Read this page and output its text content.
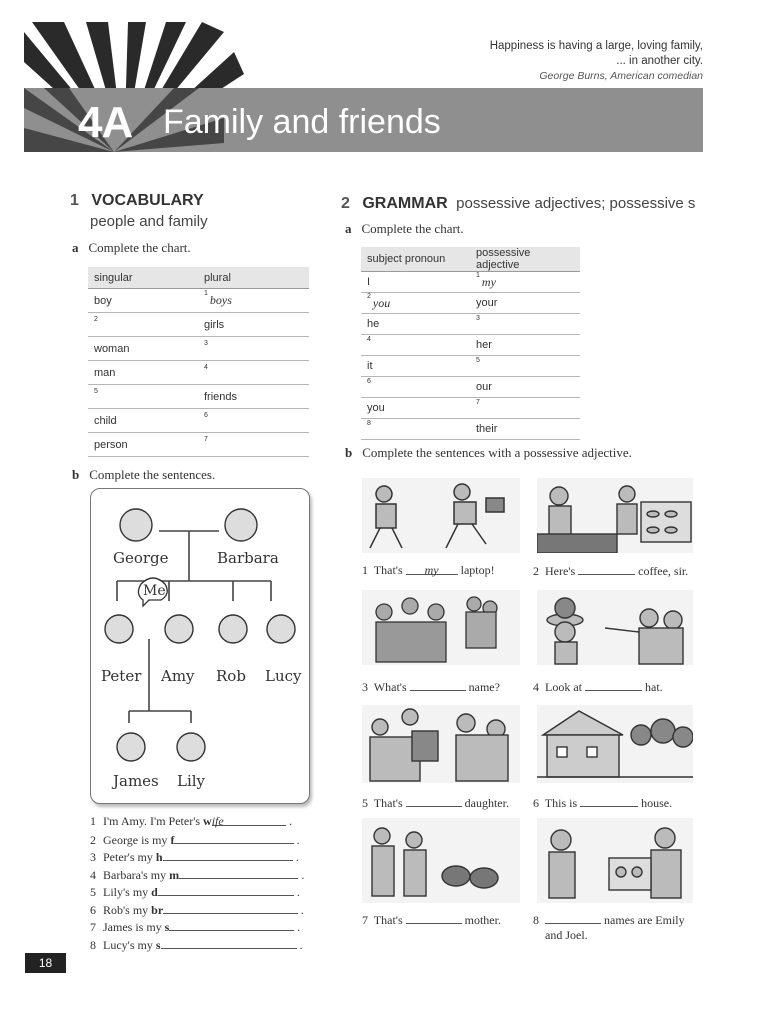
4A Family and friends
Happiness is having a large, loving family,
... in another city.
George Burns, American comedian
1 VOCABULARY
people and family
a Complete the chart.
singular	plural
boy	$^1$ boys
$^2$	girls
woman	$^3$
man	$^4$
$^5$	friends
child	$^6$
person	$^7$
b Complete the sentences.
George	Barbara
Me
Peter Amy Rob Lucy
James Lily
1I'm Amy. I'm Peter's wife	.
2George is my f	.
3Peter's my h	.
4Barbara's my m	.
5Lily's my d	.
6Rob's my br	.
7James is my s	.
8Lucy's my s	.
2 GRAMMAR possessive adjectives; possessive s
a Complete the chart.
subject pronoun	possessive adjective
I	$^1$ my
$^2$ you	your
he	$^3$
$^4$	her
it	$^5$
$^6$	our
you	$^7$
$^8$	their
b Complete the sentences with a possessive adjective.
1 That's my laptop!	2 Here's	coffee, sir.
3 What's	name?	4 Look at	hat.
5 That's	daughter. 6 This is	house.
7 That's	mother.	8	names are Emily
and Joel.
18
